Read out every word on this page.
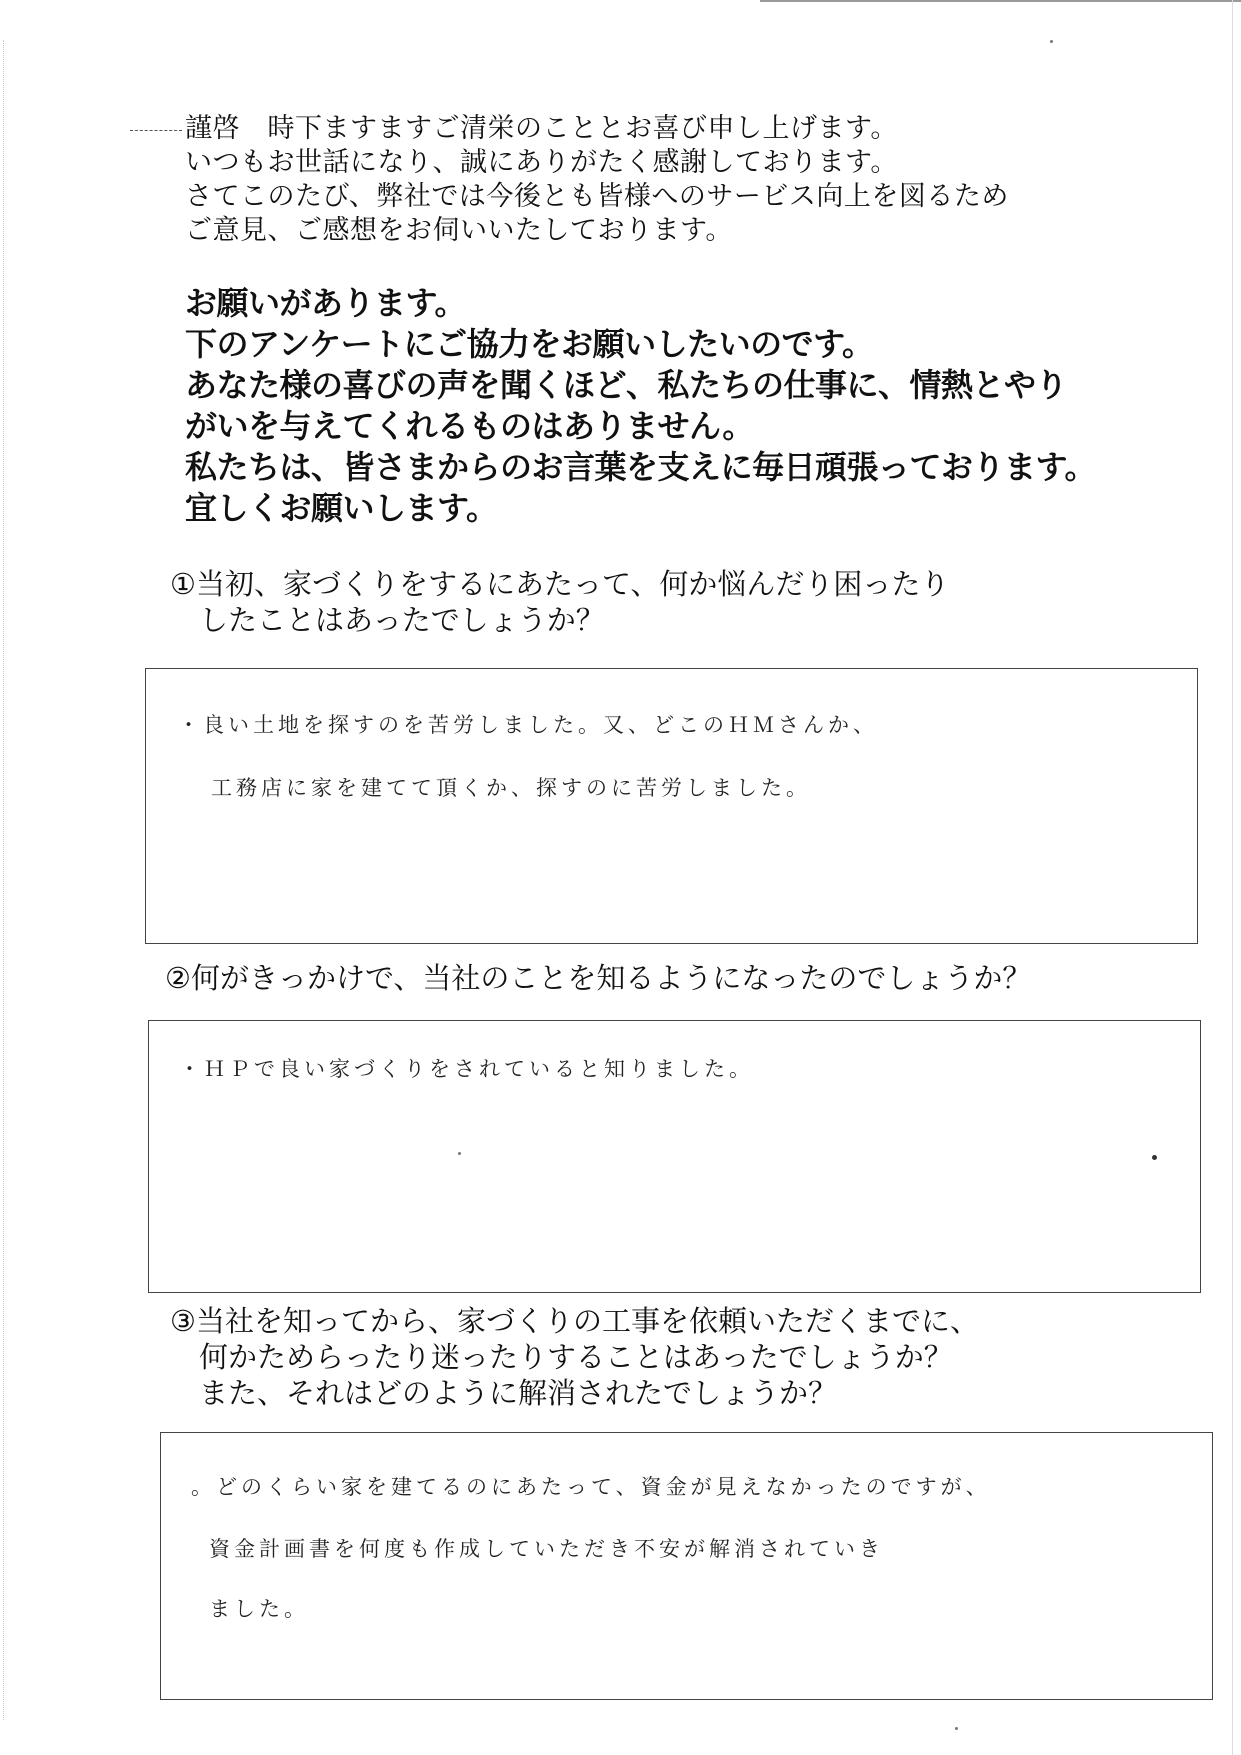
謹啓　時下ますますご清栄のこととお喜び申し上げます。
いつもお世話になり、誠にありがたく感謝しております。
さてこのたび、弊社では今後とも皆様へのサービス向上を図るため
ご意見、ご感想をお伺いいたしております。
お願いがあります。
下のアンケートにご協力をお願いしたいのです。
あなた様の喜びの声を聞くほど、私たちの仕事に、情熱とやり
がいを与えてくれるものはありません。
私たちは、皆さまからのお言葉を支えに毎日頑張っております。
宜しくお願いします。
①当初、家づくりをするにあたって、何か悩んだり困ったり
　したことはあったでしょうか？
・良い土地を探すのを苦労しました。又、どこのＨＭさんか、
工務店に家を建てて頂くか、探すのに苦労しました。
②何がきっかけで、当社のことを知るようになったのでしょうか？
・ＨＰで良い家づくりをされていると知りました。
③当社を知ってから、家づくりの工事を依頼いただくまでに、
　何かためらったり迷ったりすることはあったでしょうか？
　また、それはどのように解消されたでしょうか？
。どのくらい家を建てるのにあたって、資金が見えなかったのですが、
資金計画書を何度も作成していただき不安が解消されていき
ました。
